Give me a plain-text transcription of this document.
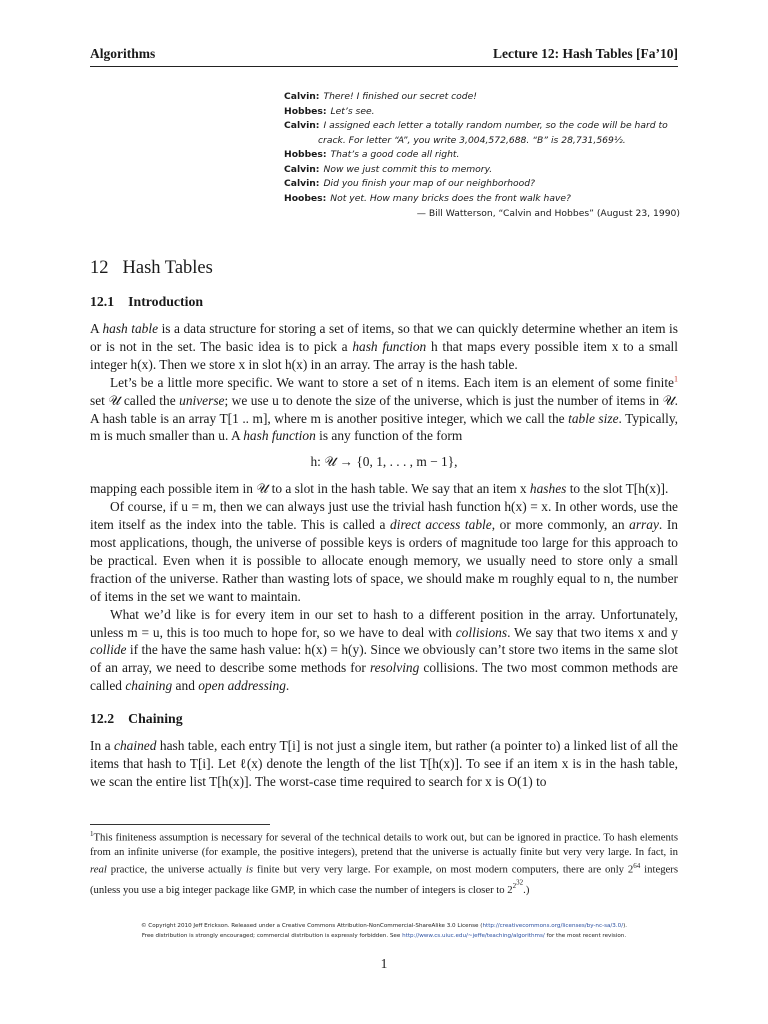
Algorithms	Lecture 12: Hash Tables [Fa’10]
Calvin: There! I finished our secret code!
Hobbes: Let’s see.
Calvin: I assigned each letter a totally random number, so the code will be hard to
crack. For letter “A”, you write 3,004,572,688. “B” is 28,731,569½.
Hobbes: That’s a good code all right.
Calvin: Now we just commit this to memory.
Calvin: Did you finish your map of our neighborhood?
Hoobes: Not yet. How many bricks does the front walk have?
— Bill Watterson, “Calvin and Hobbes” (August 23, 1990)
12 Hash Tables
12.1 Introduction

A hash table is a data structure for storing a set of items, so that we can quickly determine whether an item is or is not in the set. The basic idea is to pick a hash function h that maps every possible item x to a small integer h(x). Then we store x in slot h(x) in an array. The array is the hash table.

Let’s be a little more specific. We want to store a set of n items. Each item is an element of some finite$^1$ set 𝒰 called the universe; we use u to denote the size of the universe, which is just the number of items in 𝒰. A hash table is an array T[1 .. m], where m is another positive integer, which we call the table size. Typically, m is much smaller than u. A hash function is any function of the form

h: 𝒰 → {0, 1, . . . , m − 1},

mapping each possible item in 𝒰 to a slot in the hash table. We say that an item x hashes to the slot T[h(x)].

Of course, if u = m, then we can always just use the trivial hash function h(x) = x. In other words, use the item itself as the index into the table. This is called a direct access table, or more commonly, an array. In most applications, though, the universe of possible keys is orders of magnitude too large for this approach to be practical. Even when it is possible to allocate enough memory, we usually need to store only a small fraction of the universe. Rather than wasting lots of space, we should make m roughly equal to n, the number of items in the set we want to maintain.

What we’d like is for every item in our set to hash to a different position in the array. Unfortunately, unless m = u, this is too much to hope for, so we have to deal with collisions. We say that two items x and y collide if the have the same hash value: h(x) = h(y). Since we obviously can’t store two items in the same slot of an array, we need to describe some methods for resolving collisions. The two most common methods are called chaining and open addressing.

12.2 Chaining

In a chained hash table, each entry T[i] is not just a single item, but rather (a pointer to) a linked list of all the items that hash to T[i]. Let ℓ(x) denote the length of the list T[h(x)]. To see if an item x is in the hash table, we scan the entire list T[h(x)]. The worst-case time required to search for x is O(1) to

$^1$This finiteness assumption is necessary for several of the technical details to work out, but can be ignored in practice. To hash elements from an infinite universe (for example, the positive integers), pretend that the universe is actually finite but very very large. In fact, in real practice, the universe actually is finite but very very large. For example, on most modern computers, there are only $2^{64}$ integers (unless you use a big integer package like GMP, in which case the number of integers is closer to $2^{2^{32}}$.)
© Copyright 2010 Jeff Erickson. Released under a Creative Commons Attribution-NonCommercial-ShareAlike 3.0 License (http://creativecommons.org/licenses/by-nc-sa/3.0/).
Free distribution is strongly encouraged; commercial distribution is expressly forbidden. See http://www.cs.uiuc.edu/~jeffe/teaching/algorithms/ for the most recent revision.
1
